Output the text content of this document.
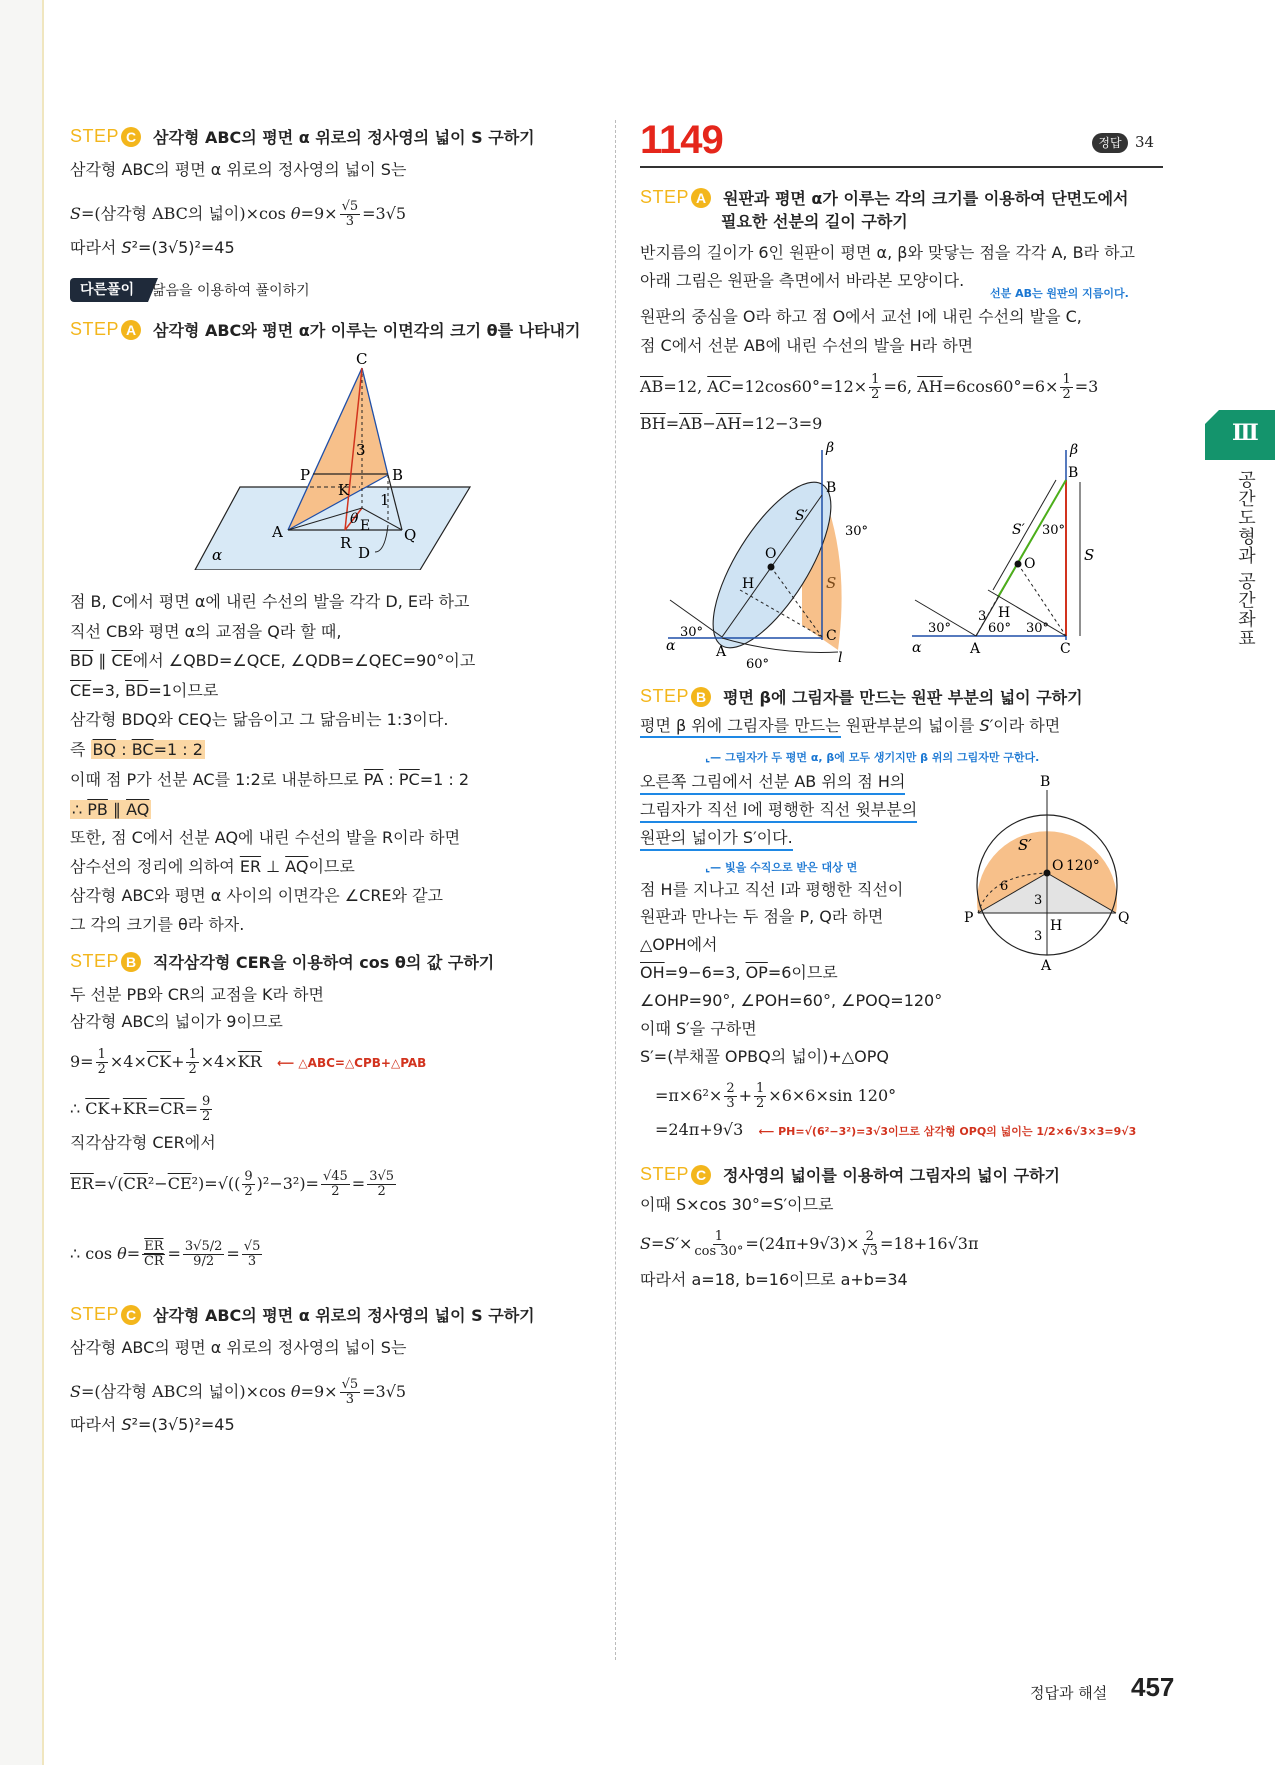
STEP C	삼각형 ABC의 평면 α 위로의 정사영의 넓이 S 구하기
삼각형 ABC의 평면 α 위로의 정사영의 넓이 S는
S=(삼각형 ABC의 넓이)×cos $\theta=9\times \frac{√5}{3} =3√5$
따라서 S²=(3√5)²=45
다른풀이	닮음을 이용하여 풀이하기
STEP A	삼각형 ABC와 평면 α가 이루는 이면각의 크기 θ를 나타내기
C
P	B
K
3
1
θ E
A
R	Q
D
α
점 B, C에서 평면 α에 내린 수선의 발을 각각 D, E라 하고
직선 CB와 평면 α의 교점을 Q라 할 때,
$\overline{BD}$ ∥ $\overline{CE}$에서 ∠QBD=∠QCE, ∠QDB=∠QEC=90°이고
$\overline{CE}=3$, $\overline{BD}=1$이므로
삼각형 BDQ와 CEQ는 닮음이고 그 닮음비는 1:3이다.
즉 $\overline{BQ}$ : $\overline{BC}=1$ : 2
이때 점 P가 선분 AC를 1:2로 내분하므로 $\overline{PA}$ : $\overline{PC}=1$ : 2
∴ $\overline{PB}$ ∥ $\overline{AQ}$
또한, 점 C에서 선분 AQ에 내린 수선의 발을 R이라 하면
삼수선의 정리에 의하여 $\overline{ER}$ ⊥ $\overline{AQ}$이므로
삼각형 ABC와 평면 α 사이의 이면각은 ∠CRE와 같고
그 각의 크기를 θ라 하자.
STEP B	직각삼각형 CER을 이용하여 cos θ의 값 구하기
두 선분 PB와 CR의 교점을 K라 하면
삼각형 ABC의 넓이가 9이므로
$9= \frac{1}{2} \times 4\times\overline{CK}+ \frac{1}{2} \times 4\times\overline{KR}$ ⟵ △ABC=△CPB+△PAB
∴ $\overline{CK}+\overline{KR}=\overline{CR}= \frac{9}{2}$
직각삼각형 CER에서
$\overline{ER}=√(\overline{CR}^2-\overline{CE}^2)=√(( \frac{9}{2} )^2-3^2)= \frac{√45}{2} = \frac{3√5}{2}$
∴ $\cos \theta= \frac{\overline{ER}}{CR} = \frac{3√5/2}{9/2} = \frac{√5}{3}$
STEP C	삼각형 ABC의 평면 α 위로의 정사영의 넓이 S 구하기
삼각형 ABC의 평면 α 위로의 정사영의 넓이 S는
S=(삼각형 ABC의 넓이)×cos $\theta=9\times \frac{√5}{3} =3√5$
따라서 S²=(3√5)²=45
1149	정답 34
STEP A	원판과 평면 α가 이루는 각의 크기를 이용하여 단면도에서
필요한 선분의 길이 구하기
반지름의 길이가 6인 원판이 평면 α, β와 맞닿는 점을 각각 A, B라 하고
아래 그림은 원판을 측면에서 바라본 모양이다.
선분 AB는 원판의 지름이다.
원판의 중심을 O라 하고 점 O에서 교선 l에 내린 수선의 발을 C,
점 C에서 선분 AB에 내린 수선의 발을 H라 하면
$\overline{AB}=12$, $\overline{AC}=12\cos 60^\circ=12\times \frac{1}{2} =6$, $\overline{AH}=6\cos 60^\circ=6\times \frac{1}{2} =3$
$\overline{BH}=\overline{AB}-\overline{AH}=12-3=9$
β
B
S′
30°
O
H	S
30°
α	A
60°
C
l
β
B
S′ 30°
O	S
3 H
30°	60° 30°
α	A	C
STEP B	평면 β에 그림자를 만드는 원판 부분의 넓이 구하기
평면 β 위에 그림자를 만드는 원판부분의 넓이를 S′이라 하면
⌞— 그림자가 두 평면 α, β에 모두 생기지만 β 위의 그림자만 구한다.
오른쪽 그림에서 선분 AB 위의 점 H의
그림자가 직선 l에 평행한 직선 윗부분의
원판의 넓이가 S′이다.
⌞— 빛을 수직으로 받은 대상 면
B
S′
O 120°
6
3
P	H	Q
3
A
점 H를 지나고 직선 l과 평행한 직선이
원판과 만나는 두 점을 P, Q라 하면
△OPH에서
$\overline{OH}=9-6=3$, $\overline{OP}=6$이므로
∠OHP=90°, ∠POH=60°, ∠POQ=120°
이때 S′을 구하면
S′=(부채꼴 OPBQ의 넓이)+△OPQ
$=\pi\times 6^2\times \frac{2}{3} + \frac{1}{2} \times 6\times 6\times\sin$ 120°
=24π+9√3   ⟵ PH=√(6²−3²)=3√3이므로 삼각형 OPQ의 넓이는 1/2×6√3×3=9√3
STEP C	정사영의 넓이를 이용하여 그림자의 넓이 구하기
이때 S×cos 30°=S′이므로
$S=S'\times \frac{1}{\cos 30^\circ} =(24\pi+9√3)\times \frac{2}{√3} =18+16√3\pi$
따라서 a=18, b=16이므로 a+b=34
Ⅲ
공간도형과 공간좌표
정답과 해설 457
